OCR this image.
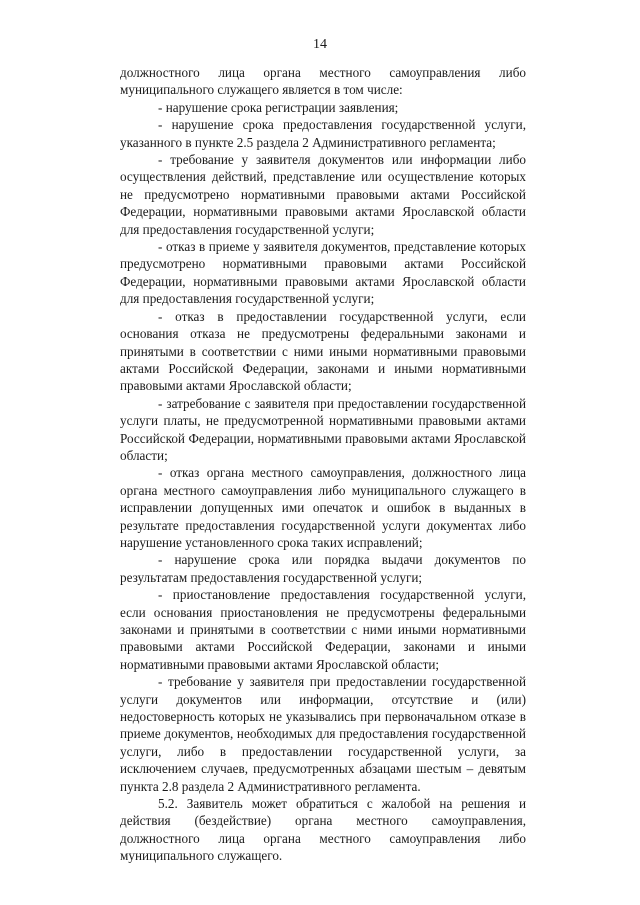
14

должностного лица органа местного самоуправления либо муниципального служащего является в том числе:

- нарушение срока регистрации заявления;

- нарушение срока предоставления государственной услуги, указанного в пункте 2.5 раздела 2 Административного регламента;

- требование у заявителя документов или информации либо осуществления действий, представление или осуществление которых не предусмотрено нормативными правовыми актами Российской Федерации, нормативными правовыми актами Ярославской области для предоставления государственной услуги;

- отказ в приеме у заявителя документов, представление которых предусмотрено нормативными правовыми актами Российской Федерации, нормативными правовыми актами Ярославской области для предоставления государственной услуги;

- отказ в предоставлении государственной услуги, если основания отказа не предусмотрены федеральными законами и принятыми в соответствии с ними иными нормативными правовыми актами Российской Федерации, законами и иными нормативными правовыми актами Ярославской области;

- затребование с заявителя при предоставлении государственной услуги платы, не предусмотренной нормативными правовыми актами Российской Федерации, нормативными правовыми актами Ярославской области;

- отказ органа местного самоуправления, должностного лица органа местного самоуправления либо муниципального служащего в исправлении допущенных ими опечаток и ошибок в выданных в результате предоставления государственной услуги документах либо нарушение установленного срока таких исправлений;

- нарушение срока или порядка выдачи документов по результатам предоставления государственной услуги;

- приостановление предоставления государственной услуги, если основания приостановления не предусмотрены федеральными законами и принятыми в соответствии с ними иными нормативными правовыми актами Российской Федерации, законами и иными нормативными правовыми актами Ярославской области;

- требование у заявителя при предоставлении государственной услуги документов или информации, отсутствие и (или) недостоверность которых не указывались при первоначальном отказе в приеме документов, необходимых для предоставления государственной услуги, либо в предоставлении государственной услуги, за исключением случаев, предусмотренных абзацами шестым – девятым пункта 2.8 раздела 2 Административного регламента.

5.2. Заявитель может обратиться с жалобой на решения и действия (бездействие) органа местного самоуправления, должностного лица органа местного самоуправления либо муниципального служащего.
